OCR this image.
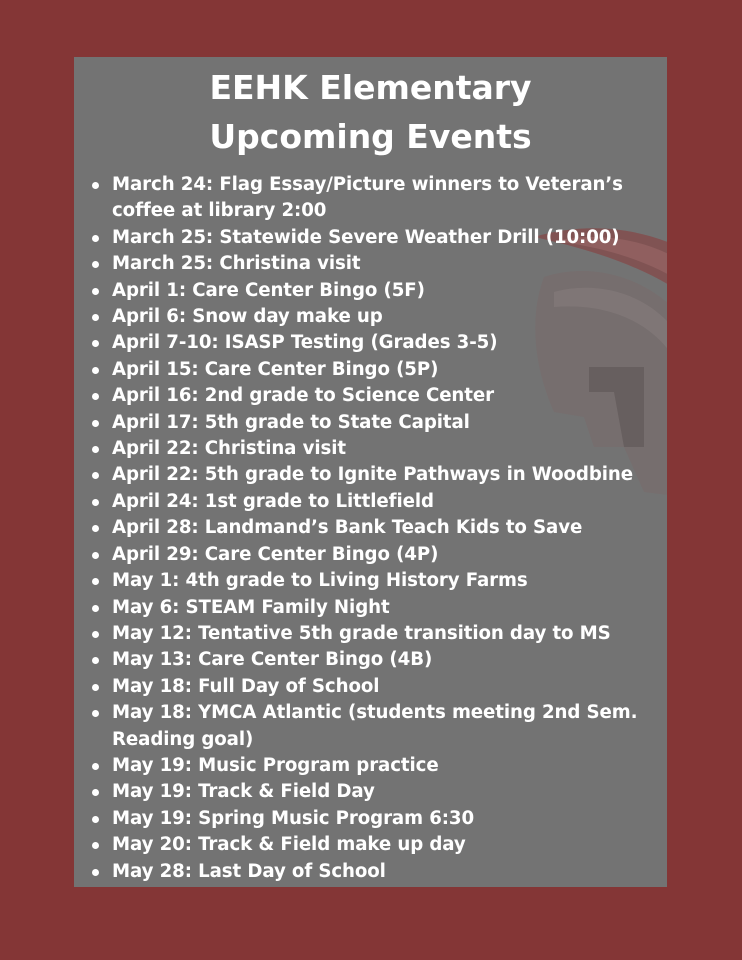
EEHK Elementary
Upcoming Events
March 24: Flag Essay/Picture winners to Veteran’s coffee at library 2:00
March 25: Statewide Severe Weather Drill (10:00)
March 25: Christina visit
April 1: Care Center Bingo (5F)
April 6: Snow day make up
April 7-10: ISASP Testing (Grades 3-5)
April 15: Care Center Bingo (5P)
April 16: 2nd grade to Science Center
April 17: 5th grade to State Capital
April 22: Christina visit
April 22: 5th grade to Ignite Pathways in Woodbine
April 24: 1st grade to Littlefield
April 28: Landmand’s Bank Teach Kids to Save
April 29: Care Center Bingo (4P)
May 1: 4th grade to Living History Farms
May 6: STEAM Family Night
May 12: Tentative 5th grade transition day to MS
May 13: Care Center Bingo (4B)
May 18: Full Day of School
May 18: YMCA Atlantic (students meeting 2nd Sem. Reading goal)
May 19: Music Program practice
May 19: Track & Field Day
May 19: Spring Music Program 6:30
May 20: Track & Field make up day
May 28: Last Day of School
